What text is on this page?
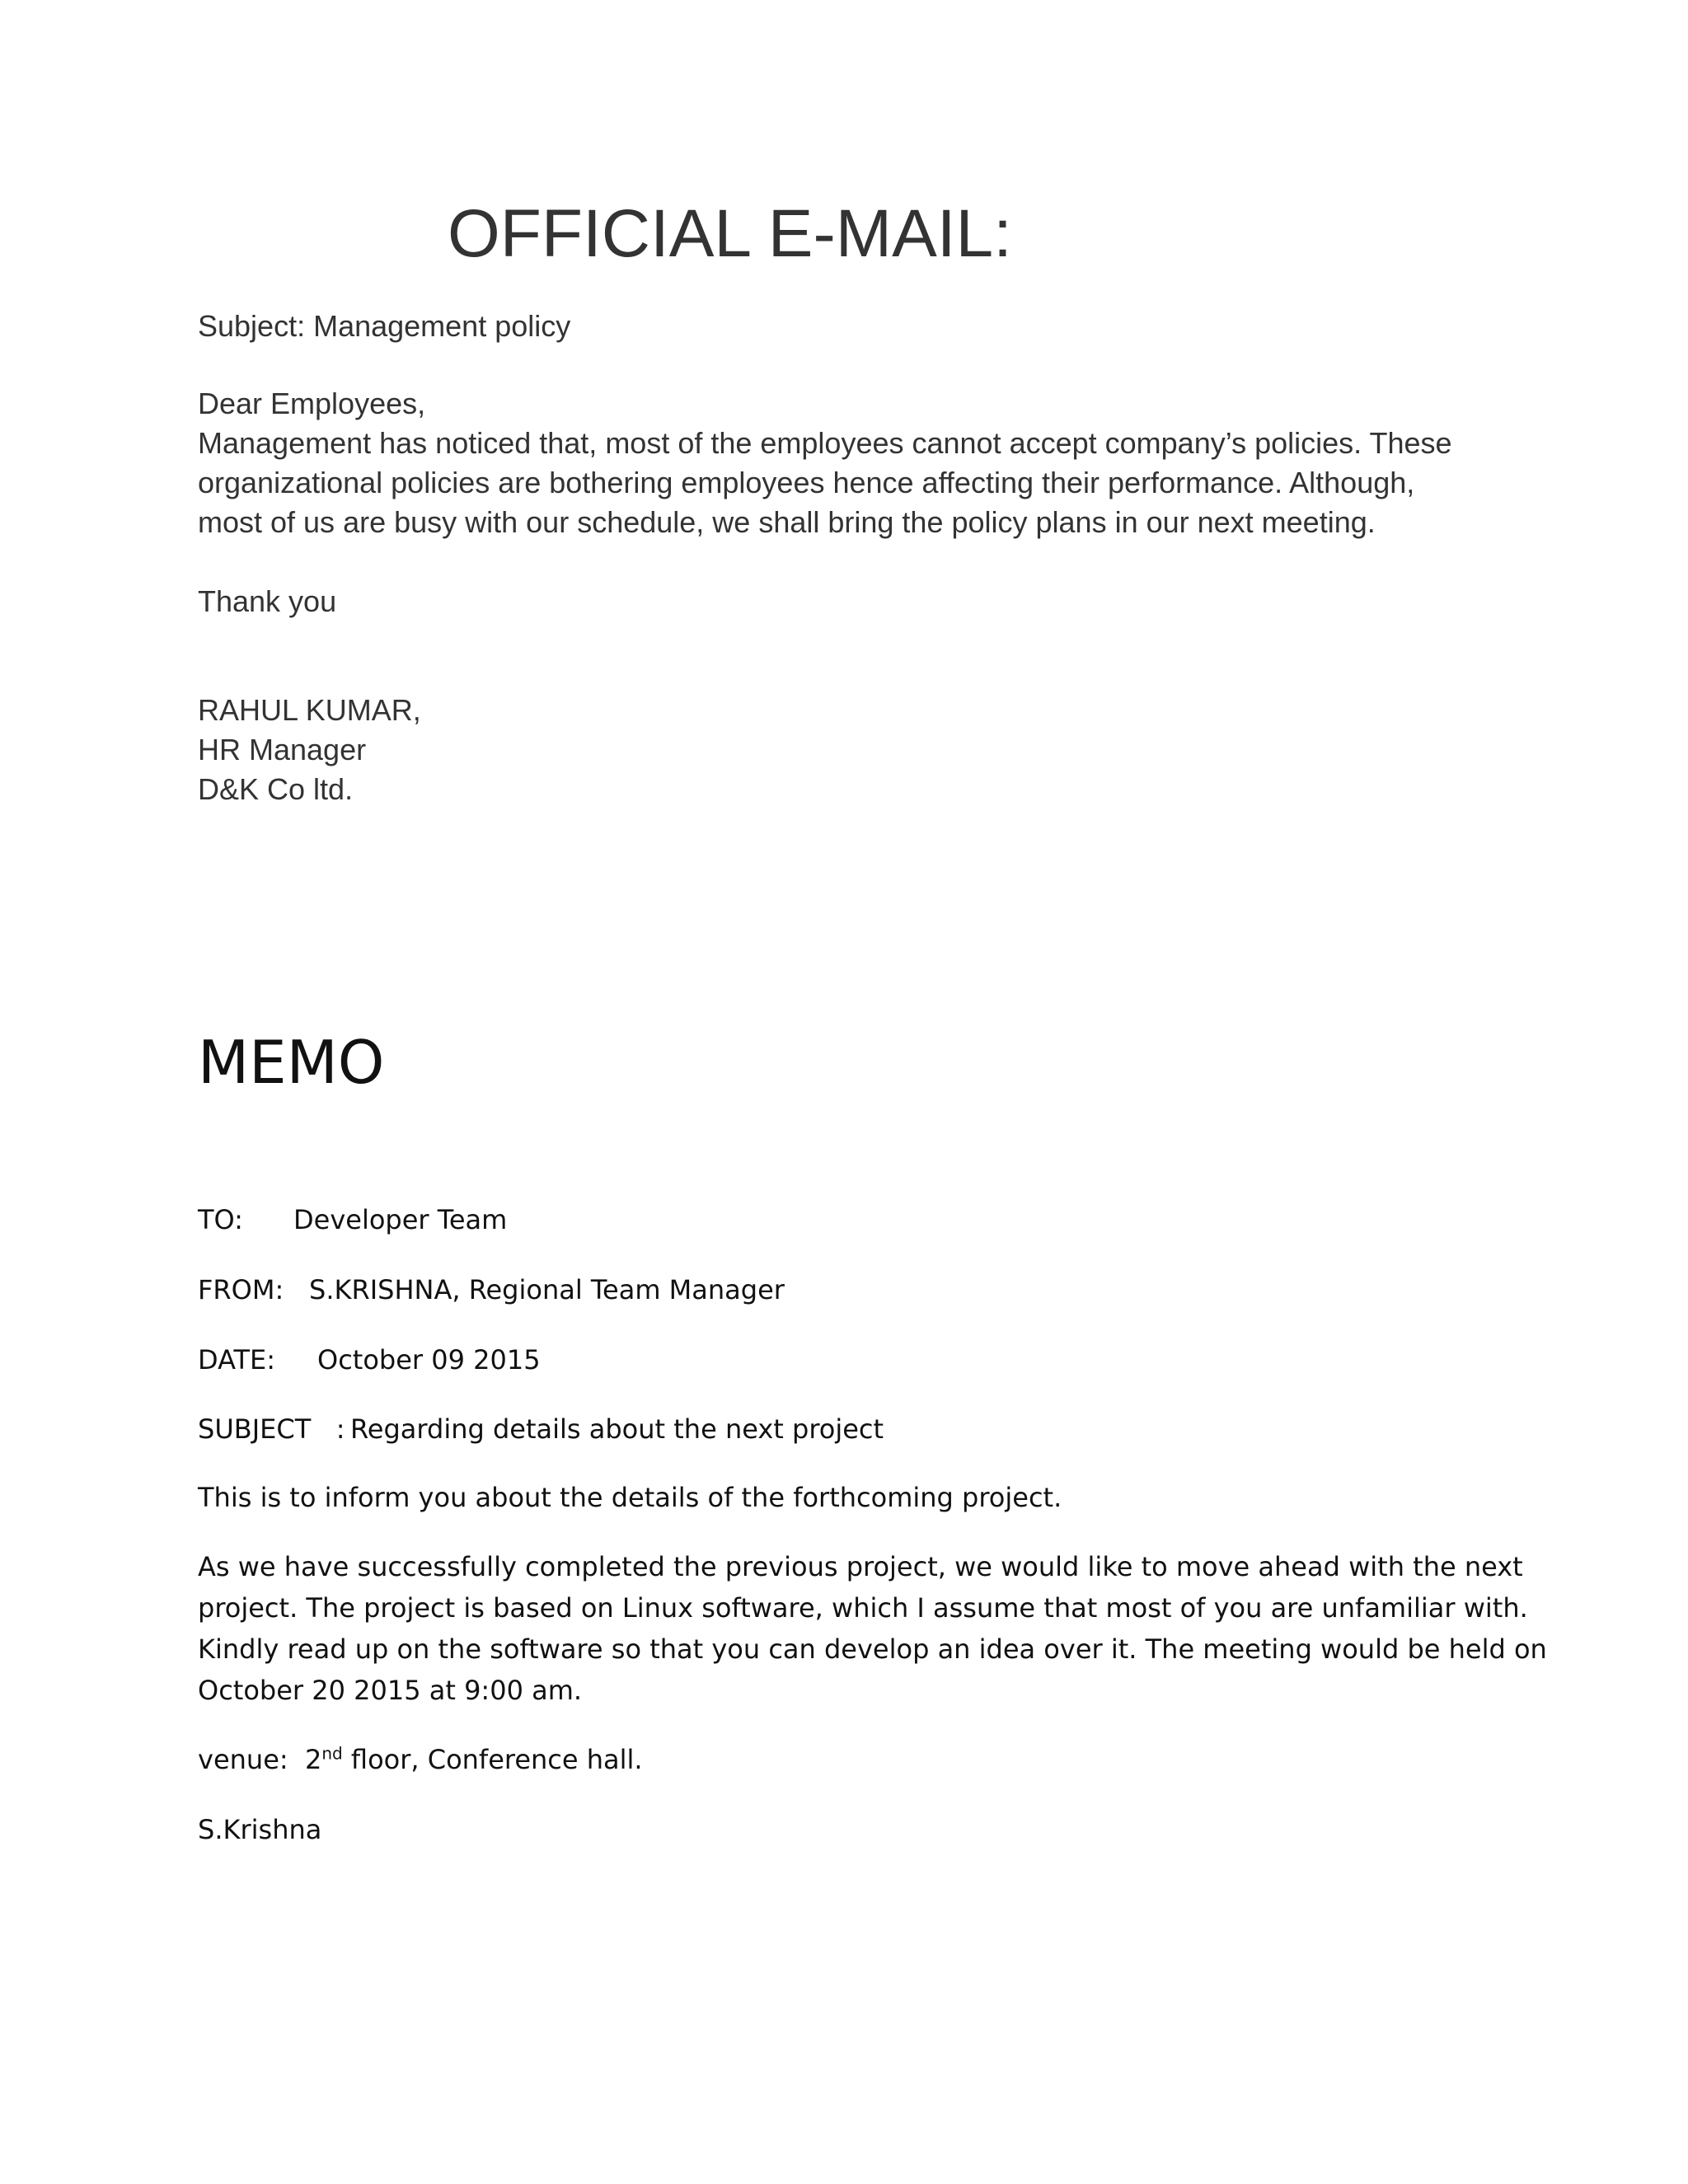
OFFICIAL E-MAIL:

Subject: Management policy

Dear Employees,

Management has noticed that, most of the employees cannot accept company’s policies. These

organizational policies are bothering employees hence affecting their performance. Although,

most of us are busy with our schedule, we shall bring the policy plans in our next meeting.

Thank you

RAHUL KUMAR,

HR Manager

D&K Co ltd.

MEMO

TO: Developer Team

FROM: S.KRISHNA, Regional Team Manager

DATE: October 09 2015

SUBJECT   : Regarding details about the next project

This is to inform you about the details of the forthcoming project.

As we have successfully completed the previous project, we would like to move ahead with the next

project. The project is based on Linux software, which I assume that most of you are unfamiliar with.

Kindly read up on the software so that you can develop an idea over it. The meeting would be held on

October 20 2015 at 9:00 am.

venue:  2nd floor, Conference hall.

S.Krishna
